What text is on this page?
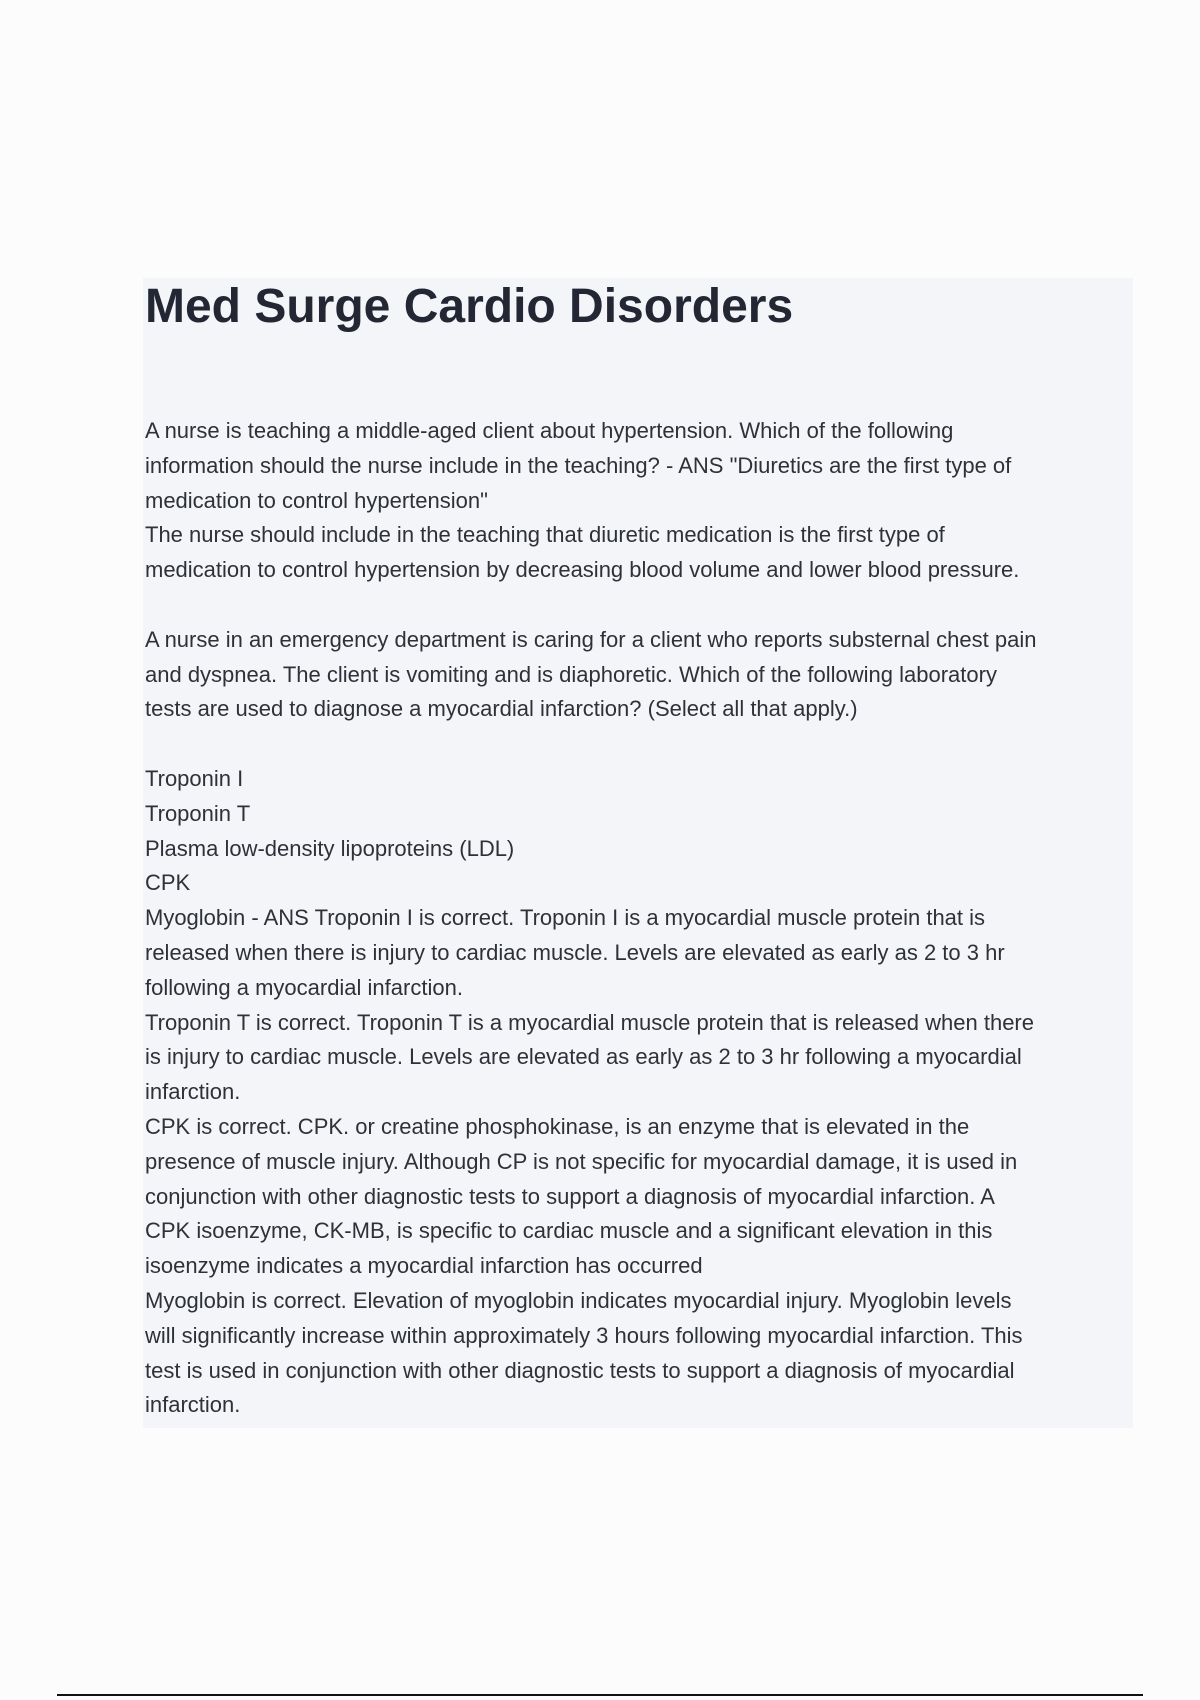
Med Surge Cardio Disorders
A nurse is teaching a middle-aged client about hypertension. Which of the following
information should the nurse include in the teaching? - ANS "Diuretics are the first type of
medication to control hypertension"
The nurse should include in the teaching that diuretic medication is the first type of
medication to control hypertension by decreasing blood volume and lower blood pressure.
A nurse in an emergency department is caring for a client who reports substernal chest pain
and dyspnea. The client is vomiting and is diaphoretic. Which of the following laboratory
tests are used to diagnose a myocardial infarction? (Select all that apply.)
Troponin I
Troponin T
Plasma low-density lipoproteins (LDL)
CPK
Myoglobin - ANS Troponin I is correct. Troponin I is a myocardial muscle protein that is
released when there is injury to cardiac muscle. Levels are elevated as early as 2 to 3 hr
following a myocardial infarction.
Troponin T is correct. Troponin T is a myocardial muscle protein that is released when there
is injury to cardiac muscle. Levels are elevated as early as 2 to 3 hr following a myocardial
infarction.
CPK is correct. CPK. or creatine phosphokinase, is an enzyme that is elevated in the
presence of muscle injury. Although CP is not specific for myocardial damage, it is used in
conjunction with other diagnostic tests to support a diagnosis of myocardial infarction. A
CPK isoenzyme, CK-MB, is specific to cardiac muscle and a significant elevation in this
isoenzyme indicates a myocardial infarction has occurred
Myoglobin is correct. Elevation of myoglobin indicates myocardial injury. Myoglobin levels
will significantly increase within approximately 3 hours following myocardial infarction. This
test is used in conjunction with other diagnostic tests to support a diagnosis of myocardial
infarction.
